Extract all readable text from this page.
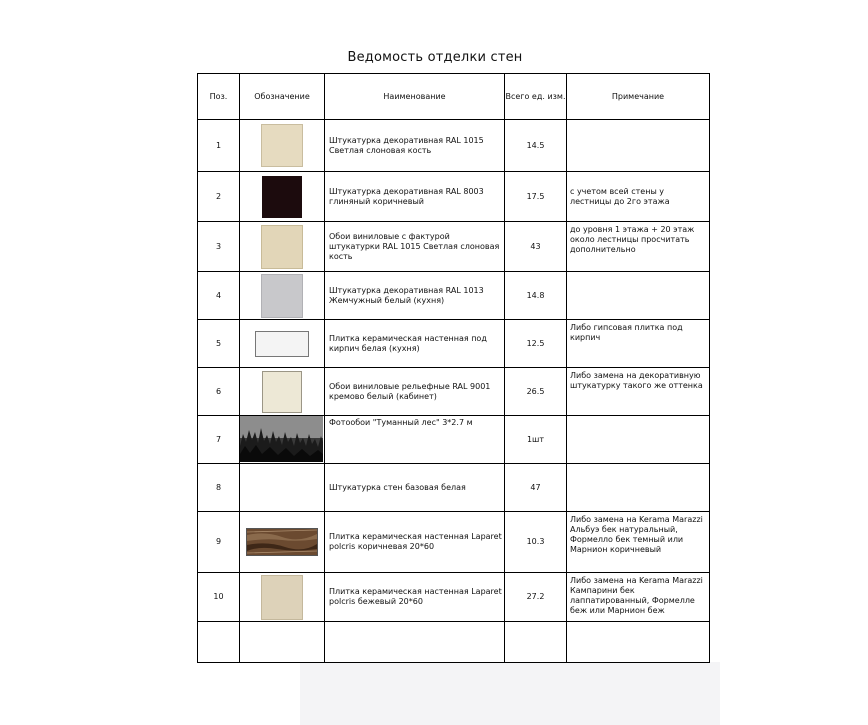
Ведомость отделки стен
Поз.	Обозначение	Наименование	Всего ед. изм.	Примечание
1		Штукатурка декоративная RAL 1015 Светлая слоновая кость	14.5	
2		Штукатурка декоративная RAL 8003 глиняный коричневый	17.5	с учетом всей стены у лестницы до 2го этажа
3		Обои виниловые с фактурой штукатурки RAL 1015 Светлая слоновая кость	43	до уровня 1 этажа + 20 этаж около лестницы просчитать дополнительно
4		Штукатурка декоративная RAL 1013 Жемчужный белый (кухня)	14.8	
5		Плитка керамическая настенная под кирпич белая (кухня)	12.5	Либо гипсовая плитка под кирпич
6		Обои виниловые рельефные RAL 9001 кремово белый (кабинет)	26.5	Либо замена на декоративную штукатурку такого же оттенка
7		Фотообои "Туманный лес" 3*2.7 м	1шт	
8		Штукатурка стен базовая белая	47	
9		Плитка керамическая настенная Laparet polcris коричневая 20*60	10.3	Либо замена на Kerama Marazzi Альбуэ бек натуральный, Формелло бек темный или Марнион коричневый
10		Плитка керамическая настенная Laparet polcris бежевый 20*60	27.2	Либо замена на Kerama Marazzi Кампарини бек лаппатированный, Формелле беж или Марнион беж
